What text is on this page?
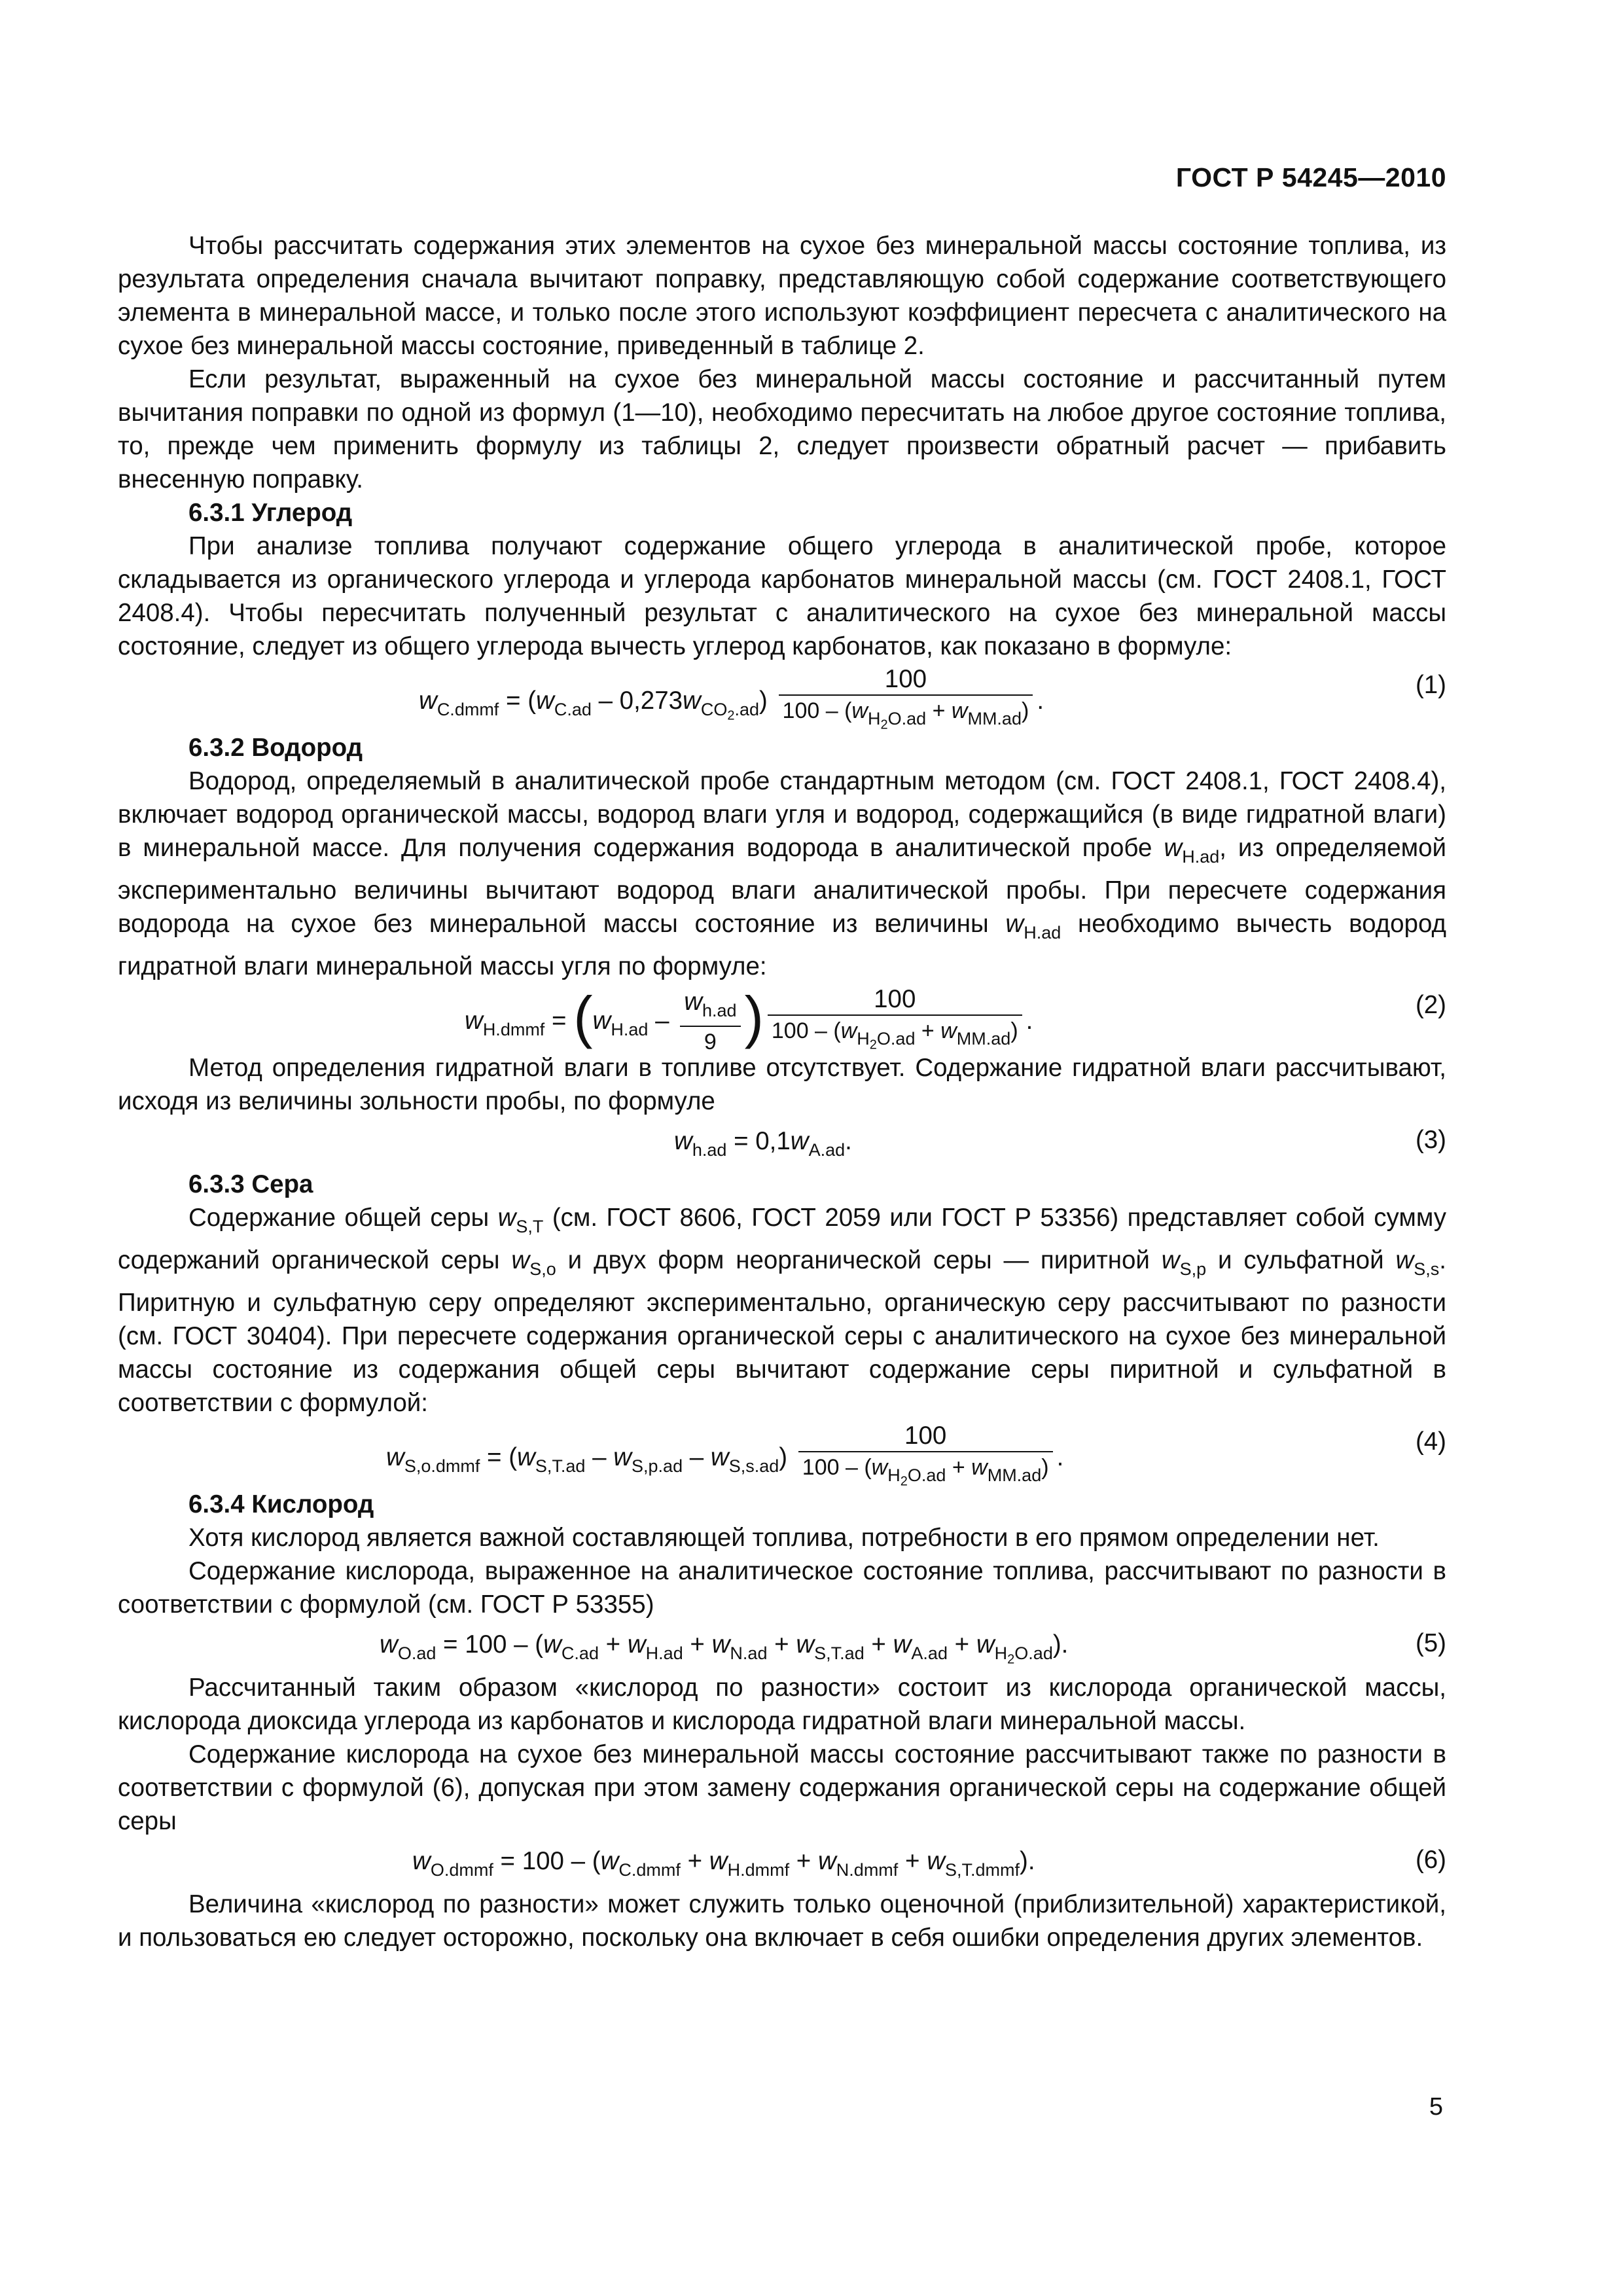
ГОСТ Р 54245—2010

Чтобы рассчитать содержания этих элементов на сухое без минеральной массы состояние топлива, из результата определения сначала вычитают поправку, представляющую собой содержание соответствующего элемента в минеральной массе, и только после этого используют коэффициент пересчета с аналитического на сухое без минеральной массы состояние, приведенный в таблице 2.

Если результат, выраженный на сухое без минеральной массы состояние и рассчитанный путем вычитания поправки по одной из формул (1—10), необходимо пересчитать на любое другое состояние топлива, то, прежде чем применить формулу из таблицы 2, следует произвести обратный расчет — прибавить внесенную поправку.

6.3.1 Углерод

При анализе топлива получают содержание общего углерода в аналитической пробе, которое складывается из органического углерода и углерода карбонатов минеральной массы (см. ГОСТ 2408.1, ГОСТ 2408.4). Чтобы пересчитать полученный результат с аналитического на сухое без минеральной массы состояние, следует из общего углерода вычесть углерод карбонатов, как показано в формуле:

$w_{C.dmmf} = (w_{C.ad} - 0,273w_{CO_2.ad}) \frac{100}{100 - (w_{H_2O.ad} + w_{MM.ad})}$ .
(1)

6.3.2 Водород

Водород, определяемый в аналитической пробе стандартным методом (см. ГОСТ 2408.1, ГОСТ 2408.4), включает водород органической массы, водород влаги угля и водород, содержащийся (в виде гидратной влаги) в минеральной массе. Для получения содержания водорода в аналитической пробе $w_{H.ad}$, из определяемой экспериментально величины вычитают водород влаги аналитической пробы. При пересчете содержания водорода на сухое без минеральной массы состояние из величины $w_{H.ad}$ необходимо вычесть водород гидратной влаги минеральной массы угля по формуле:

$w_{H.dmmf} = (w_{H.ad} - \frac{w_{h.ad}}{9}$ ) $\frac{100}{100 - (w_{H_2O.ad} + w_{MM.ad})}$ .
(2)

Метод определения гидратной влаги в топливе отсутствует. Содержание гидратной влаги рассчитывают, исходя из величины зольности пробы, по формуле

$w_{h.ad} = 0,1w_{A.ad}$.	(3)

6.3.3 Сера

Содержание общей серы $w_{S,T}$ (см. ГОСТ 8606, ГОСТ 2059 или ГОСТ Р 53356) представляет собой сумму содержаний органической серы $w_{S,o}$ и двух форм неорганической серы — пиритной $w_{S,p}$ и сульфатной $w_{S,s}$. Пиритную и сульфатную серу определяют экспериментально, органическую серу рассчитывают по разности (см. ГОСТ 30404). При пересчете содержания органической серы с аналитического на сухое без минеральной массы состояние из содержания общей серы вычитают содержание серы пиритной и сульфатной в соответствии с формулой:

$w_{S,o.dmmf} = (w_{S,T.ad} - w_{S,p.ad} - w_{S,s.ad}) \frac{100}{100 - (w_{H_2O.ad} + w_{MM.ad})}$ .
(4)

6.3.4 Кислород

Хотя кислород является важной составляющей топлива, потребности в его прямом определении нет.

Содержание кислорода, выраженное на аналитическое состояние топлива, рассчитывают по разности в соответствии с формулой (см. ГОСТ Р 53355)

$w_{O.ad} = 100 - (w_{C.ad} + w_{H.ad} + w_{N.ad} + w_{S,T.ad} + w_{A.ad} + w_{H_2O.ad})$.	(5)

Рассчитанный таким образом «кислород по разности» состоит из кислорода органической массы, кислорода диоксида углерода из карбонатов и кислорода гидратной влаги минеральной массы.

Содержание кислорода на сухое без минеральной массы состояние рассчитывают также по разности в соответствии с формулой (6), допуская при этом замену содержания органической серы на содержание общей серы

$w_{O.dmmf} = 100 - (w_{C.dmmf} + w_{H.dmmf} + w_{N.dmmf} + w_{S,T.dmmf})$.	(6)

Величина «кислород по разности» может служить только оценочной (приблизительной) характеристикой, и пользоваться ею следует осторожно, поскольку она включает в себя ошибки определения других элементов.

5
